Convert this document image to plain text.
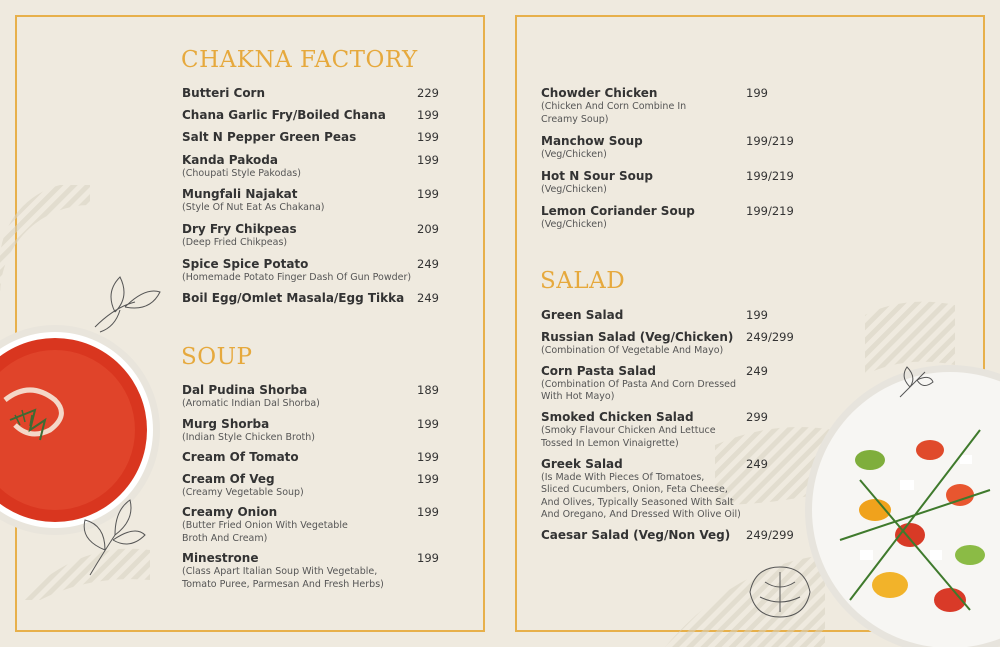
CHAKNA FACTORY
Butteri Corn	229
Chana Garlic Fry/Boiled Chana	199
Salt N Pepper Green Peas	199
Kanda Pakoda
(Choupati Style Pakodas)
199
Mungfali Najakat
(Style Of Nut Eat As Chakana)
199
Dry Fry Chikpeas
(Deep Fried Chikpeas)
209
Spice Spice Potato
(Homemade Potato Finger Dash Of Gun Powder)
249
Boil Egg/Omlet Masala/Egg Tikka	249
SOUP
Dal Pudina Shorba
(Aromatic Indian Dal Shorba)
189
Murg Shorba
(Indian Style Chicken Broth)
199
Cream Of Tomato	199
Cream Of Veg
(Creamy Vegetable Soup)
199
Creamy Onion
(Butter Fried Onion With Vegetable
Broth And Cream)
199
Minestrone
(Class Apart Italian Soup With Vegetable,
Tomato Puree, Parmesan And Fresh Herbs)
199
Chowder Chicken
(Chicken And Corn Combine In
Creamy Soup)
199
Manchow Soup
(Veg/Chicken)
199/219
Hot N Sour Soup
(Veg/Chicken)
199/219
Lemon Coriander Soup
(Veg/Chicken)
199/219
SALAD
Green Salad	199
Russian Salad (Veg/Chicken)
(Combination Of Vegetable And Mayo)
249/299
Corn Pasta Salad
(Combination Of Pasta And Corn Dressed
With Hot Mayo)
249
Smoked Chicken Salad
(Smoky Flavour Chicken And Lettuce
Tossed In Lemon Vinaigrette)
299
Greek Salad
(Is Made With Pieces Of Tomatoes,
Sliced Cucumbers, Onion, Feta Cheese,
And Olives, Typically Seasoned With Salt
And Oregano, And Dressed With Olive Oil)
249
Caesar Salad (Veg/Non Veg)	249/299
